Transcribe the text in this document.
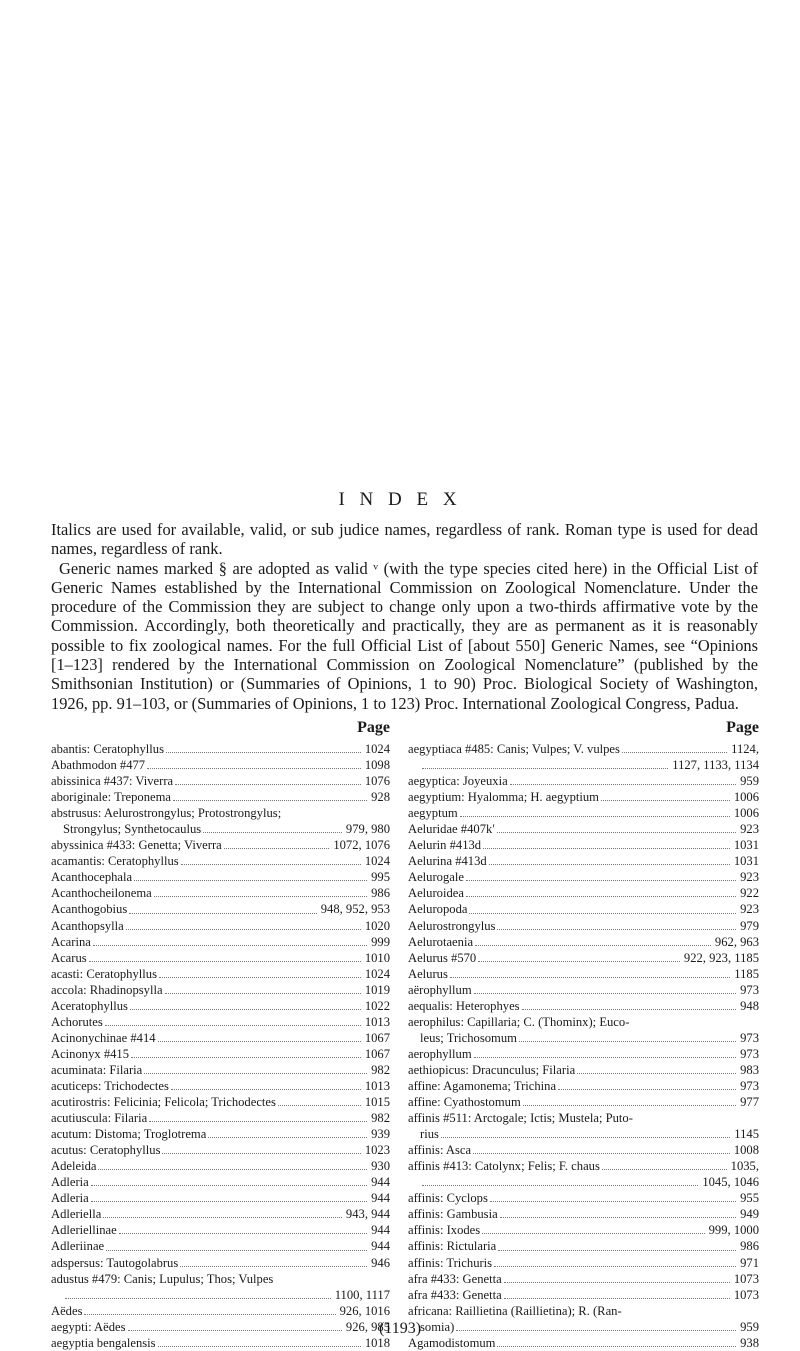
I N D E X

Italics are used for available, valid, or sub judice names, regardless of rank. Roman type is used for dead names, regardless of rank.

Generic names marked § are adopted as valid ᵛ (with the type species cited here) in the Official List of Generic Names established by the International Commission on Zoological Nomenclature. Under the procedure of the Commission they are subject to change only upon a two-thirds affirmative vote by the Commission. Accordingly, both theoretically and practically, they are as permanent as it is reasonably possible to fix zoological names. For the full Official List of [about 550] Generic Names, see “Opinions [1–123] rendered by the International Commission on Zoological Nomenclature” (published by the Smithsonian Institution) or (Summaries of Opinions, 1 to 90) Proc. Biological Society of Washington, 1926, pp. 91–103, or (Summaries of Opinions, 1 to 123) Proc. International Zoological Congress, Padua.

Page
abantis: Ceratophyllus	1024
Abathmodon #477	1098
abissinica #437: Viverra	1076
aboriginale: Treponema	928
abstrusus: Aelurostrongylus; Protostrongylus;
Strongylus; Synthetocaulus	979, 980
abyssinica #433: Genetta; Viverra	1072, 1076
acamantis: Ceratophyllus	1024
Acanthocephala	995
Acanthocheilonema	986
Acanthogobius	948, 952, 953
Acanthopsylla	1020
Acarina	999
Acarus	1010
acasti: Ceratophyllus	1024
accola: Rhadinopsylla	1019
Aceratophyllus	1022
Achorutes	1013
Acinonychinae #414	1067
Acinonyx #415	1067
acuminata: Filaria	982
acuticeps: Trichodectes	1013
acutirostris: Felicinia; Felicola; Trichodectes	1015
acutiuscula: Filaria	982
acutum: Distoma; Troglotrema	939
acutus: Ceratophyllus	1023
Adeleida	930
Adleria	944
Adleria	944
Adleriella	943, 944
Adleriellinae	944
Adleriinae	944
adspersus: Tautogolabrus	946
adustus #479: Canis; Lupulus; Thos; Vulpes
1100, 1117
Aëdes	926, 1016
aegypti: Aëdes	926, 985
aegyptia bengalensis	1018
Page
aegyptiaca #485: Canis; Vulpes; V. vulpes	1124,
1127, 1133, 1134
aegyptica: Joyeuxia	959
aegyptium: Hyalomma; H. aegyptium	1006
aegyptum	1006
Aeluridae #407k′	923
Aelurin #413d	1031
Aelurina #413d	1031
Aelurogale	923
Aeluroidea	922
Aeluropoda	923
Aelurostrongylus	979
Aelurotaenia	962, 963
Aelurus #570	922, 923, 1185
Aelurus	1185
aërophyllum	973
aequalis: Heterophyes	948
aerophilus: Capillaria; C. (Thominx); Euco-
leus; Trichosomum	973
aerophyllum	973
aethiopicus: Dracunculus; Filaria	983
affine: Agamonema; Trichina	973
affine: Cyathostomum	977
affinis #511: Arctogale; Ictis; Mustela; Puto-
rius	1145
affinis: Asca	1008
affinis #413: Catolynx; Felis; F. chaus	1035,
1045, 1046
affinis: Cyclops	955
affinis: Gambusia	949
affinis: Ixodes	999, 1000
affinis: Rictularia	986
affinis: Trichuris	971
afra #433: Genetta	1073
afra #433: Genetta	1073
africana: Raillietina (Raillietina); R. (Ran-
somia)	959
Agamodistomum	938
(1193)
